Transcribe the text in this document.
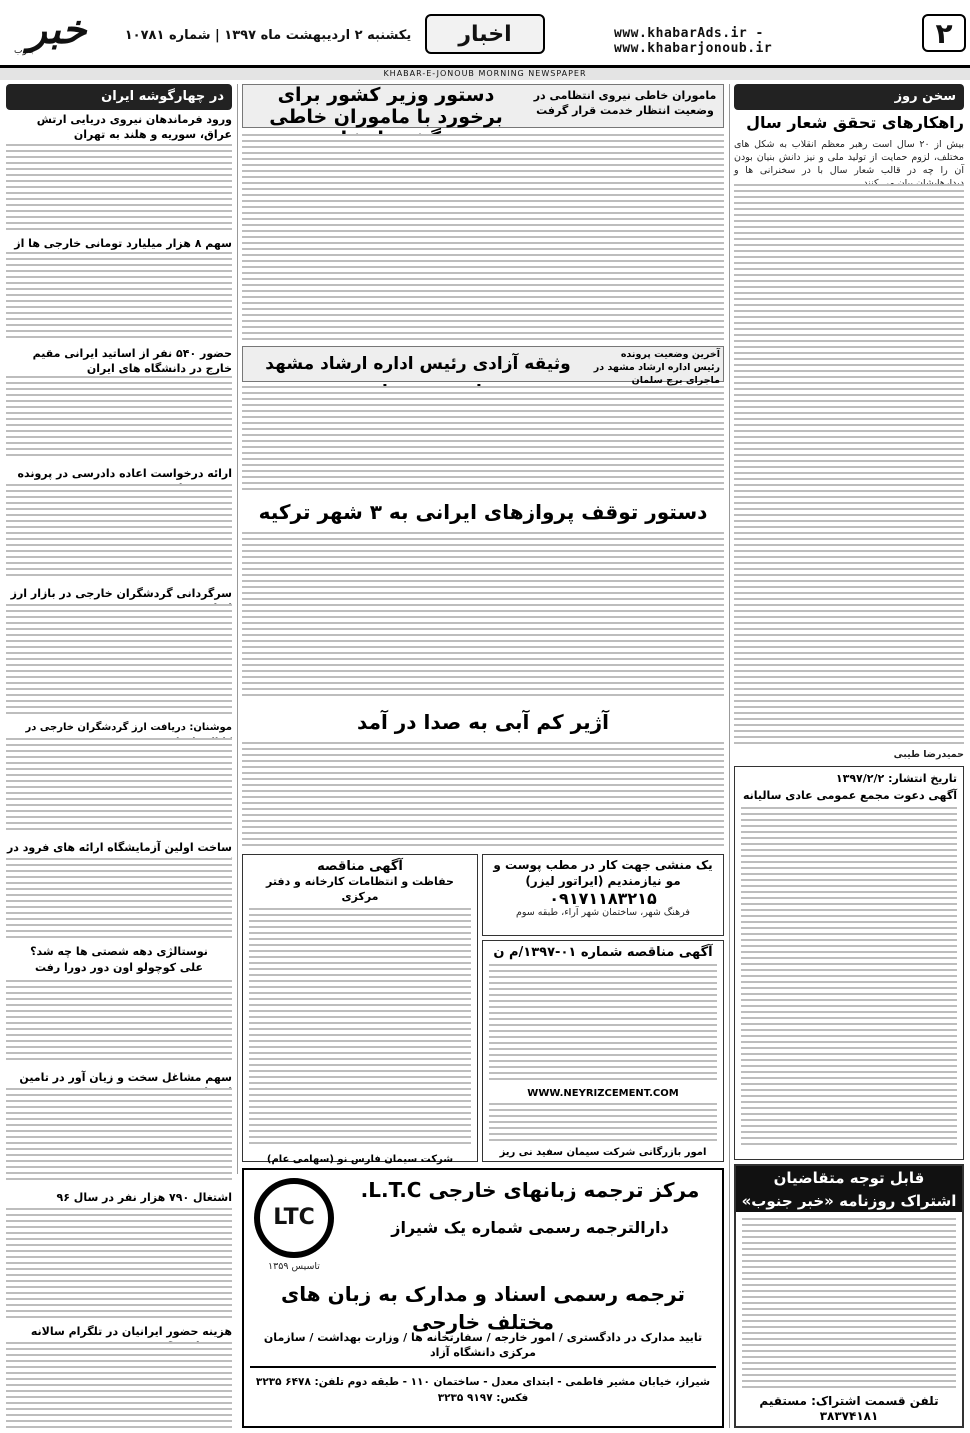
۲
www.khabarAds.ir - www.khabarjonoub.ir
اخبار
یکشنبه ۲ اردیبهشت ماه ۱۳۹۷ | شماره ۱۰۷۸۱
خبر
جنوب
KHABAR-E-JONOUB MORNING NEWSPAPER
سخن روز
راهکارهای تحقق شعار سال
بیش از ۲۰ سال است رهبر معظم انقلاب به شکل های مختلف، لزوم حمایت از تولید ملی و نیز دانش بنیان بودن آن را چه در قالب شعار سال با در سخنرانی ها و
حمیدرضا طیبی
تاریخ انتشار: ۱۳۹۷/۲/۲
آگهی دعوت مجمع عمومی عادی سالیانه
قابل توجه متقاضیان
اشتراک روزنامه «خبر جنوب»
تلفن قسمت اشتراک: مستقیم ۳۸۳۷۴۱۸۱
در چهارگوشه ایران
ورود فرماندهان نیروی دریایی ارتش عراق، سوریه و هلند به تهران
سهم ۸ هزار میلیارد تومانی خارجی ها از
حضور ۵۴۰ نفر از اساتید ایرانی مقیم خارج در دانشگاه های ایران
ارائه درخواست اعاده دادرسی در پرونده
سرگردانی گردشگران خارجی در بازار ارز
موشنان: دریافت ارز گردشگران خارجی در
ساخت اولین آزمایشگاه ارائه های فرود در
نوستالژی دهه شصتی ها چه شد؟
علی کوچولو اون دور دورا رفت
سهم مشاغل سخت و زیان آور در تامین
اشتغال ۷۹۰ هزار نفر در سال ۹۶
هزینه حضور ایرانیان در تلگرام سالانه
ماموران خاطی نیروی انتظامی در وضعیت انتظار خدمت قرار گرفت
دستور وزیر کشور برای برخورد با ماموران خاطی
وثیقه آزادی رئیس اداره ارشاد مشهد	آخرین وضعیت پرونده رئیس اداره ارشاد مشهد در ماجرای برج سلمان
دستور توقف پروازهای ایرانی به ۳ شهر ترکیه
آژیر کم آبی به صدا در آمد
یک منشی جهت کار در مطب پوست و مو نیازمندیم (ایراتور لیزر)
۰۹۱۷۱۱۸۳۲۱۵
فرهنگ شهر، ساختمان شهر آراء، طبقه سوم
آگهی مناقصه شماره ۰۱-۱۳۹۷/م ن
WWW.NEYRIZCEMENT.COM
امور بازرگانی شرکت سیمان سفید نی ریز
آگهی مناقصه
حفاظت و انتظامات کارخانه و دفتر مرکزی
شرکت سیمان فارس نو (سهامی عام)
LTC
تاسیس ۱۳۵۹
مرکز ترجمه زبانهای خارجی L.T.C.
دارالترجمه رسمی شماره یک شیراز
ترجمه رسمی اسناد و مدارک به زبان های مختلف خارجی
تایید مدارک در دادگستری / امور خارجه / سفارتخانه ها / وزارت بهداشت / سازمان مرکزی دانشگاه آزاد
شیراز، خیابان مشیر فاطمی - ابتدای معدل - ساختمان ۱۱۰ - طبقه دوم تلفن: ۶۴۷۸ ۳۲۳۵ فکس: ۹۱۹۷ ۳۲۳۵
